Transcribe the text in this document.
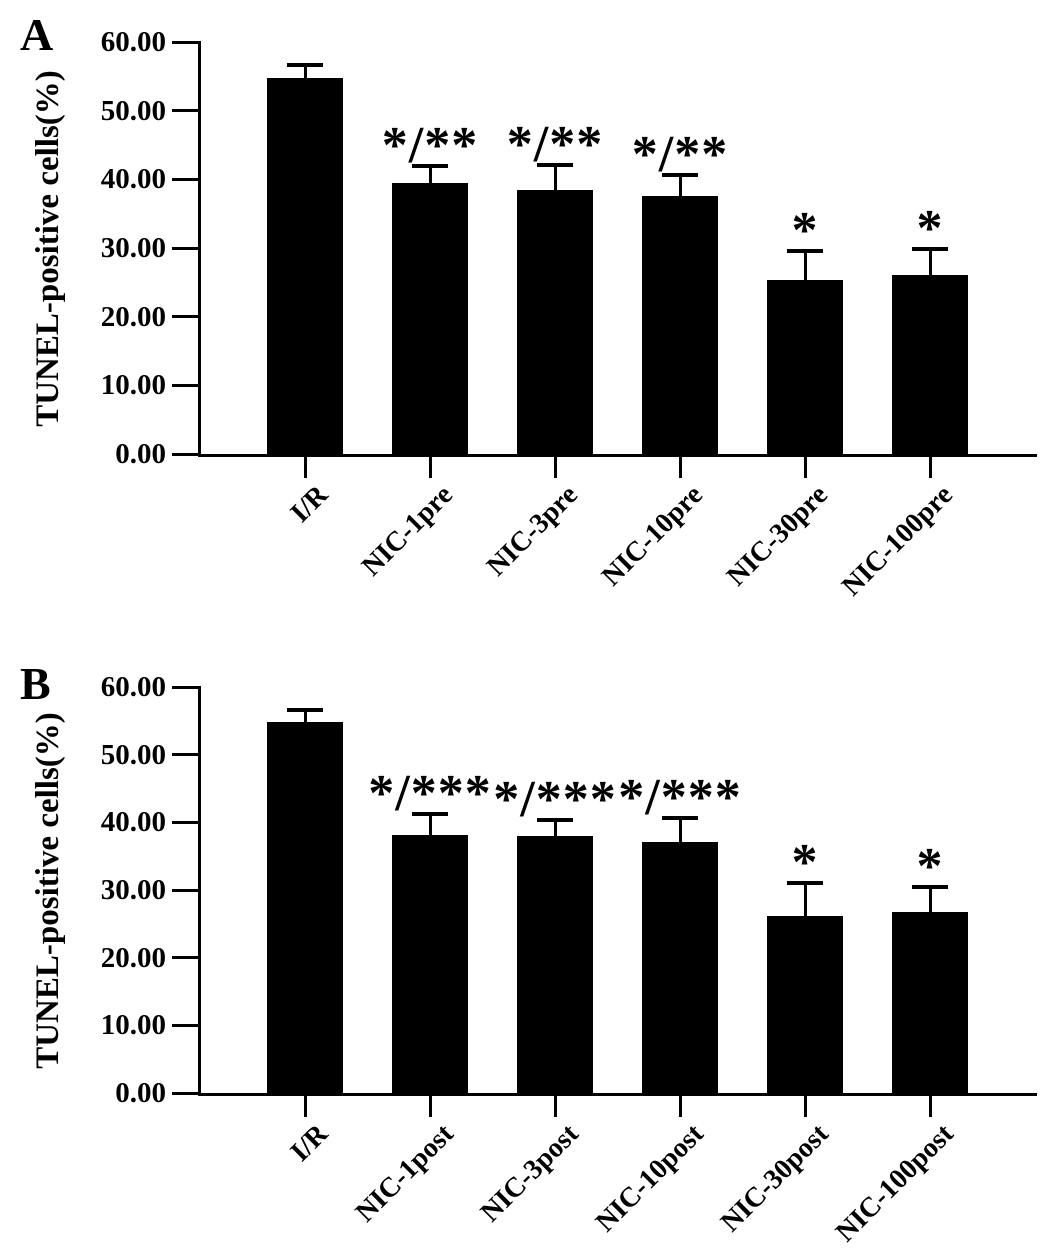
A
TUNEL-positive cells(%)
0.00
10.00
20.00
30.00
40.00
50.00
60.00
I/R NIC-1pre
*/**
NIC-3pre
*/**
NIC-10pre
*/**
NIC-30pre
*
NIC-100pre
*
B
TUNEL-positive cells(%)
0.00
10.00
20.00
30.00
40.00
50.00
60.00
I/R NIC-1post
*/***
NIC-3post
*/***
NIC-10post
*/***
NIC-30post
*
NIC-100post
*
